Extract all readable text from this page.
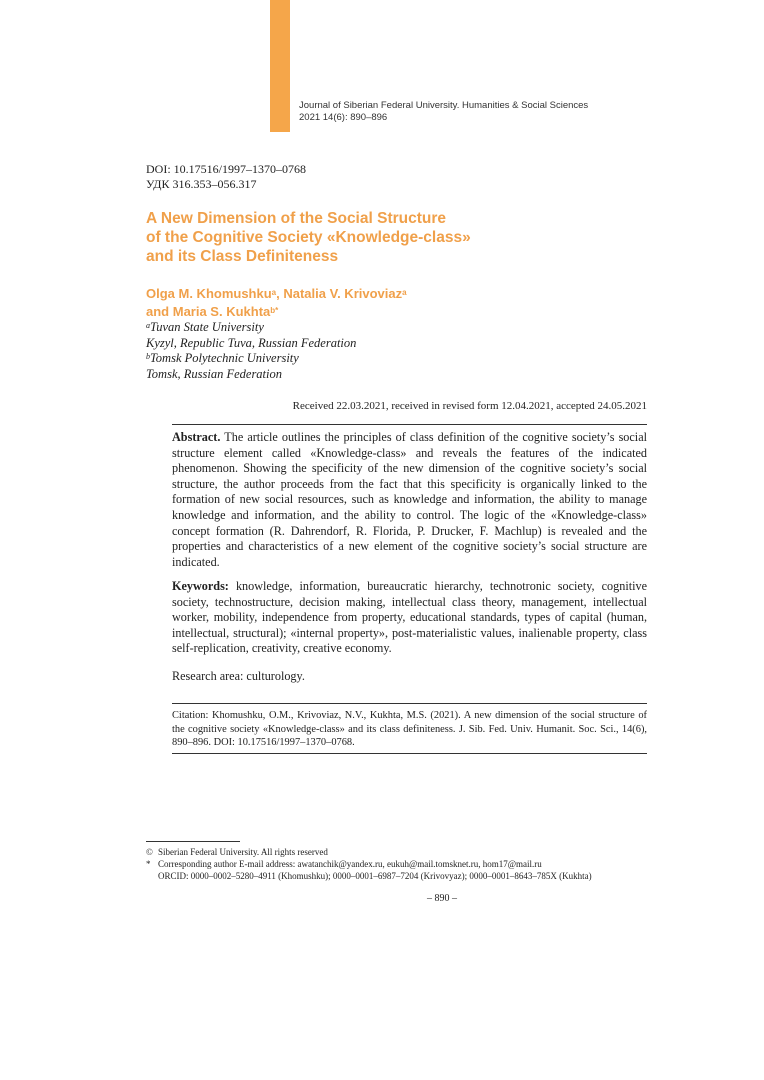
Journal of Siberian Federal University. Humanities & Social Sciences
2021 14(6): 890–896
DOI: 10.17516/1997–1370–0768
УДК 316.353–056.317
A New Dimension of the Social Structure
of the Cognitive Society «Knowledge-class»
and its Class Definiteness
Olga M. Khomushku$^a$, Natalia V. Krivoviaz$^a$
and Maria S. Kukhta$^{b*}$
$^a$Tuvan State University
Kyzyl, Republic Tuva, Russian Federation
$^b$Tomsk Polytechnic University
Tomsk, Russian Federation
Received 22.03.2021, received in revised form 12.04.2021, accepted 24.05.2021

Abstract. The article outlines the principles of class definition of the cognitive society’s social structure element called «Knowledge-class» and reveals the features of the indicated phenomenon. Showing the specificity of the new dimension of the cognitive society’s social structure, the author proceeds from the fact that this specificity is organically linked to the formation of new social resources, such as knowledge and information, the ability to manage knowledge and information, and the ability to control. The logic of the «Knowledge-class» concept formation (R. Dahrendorf, R. Florida, P. Drucker, F. Machlup) is revealed and the properties and characteristics of a new element of the cognitive society’s social structure are indicated.

Keywords: knowledge, information, bureaucratic hierarchy, technotronic society, cognitive society, technostructure, decision making, intellectual class theory, management, intellectual worker, mobility, independence from property, educational standards, types of capital (human, intellectual, structural); «internal property», post-materialistic values, inalienable property, class self-replication, creativity, creative economy.

Research area: culturology.

Citation: Khomushku, O.M., Krivoviaz, N.V., Kukhta, M.S. (2021). A new dimension of the social structure of the cognitive society «Knowledge-class» and its class definiteness. J. Sib. Fed. Univ. Humanit. Soc. Sci., 14(6), 890–896. DOI: 10.17516/1997–1370–0768.

© Siberian Federal University. All rights reserved
* Corresponding author E-mail address: awatanchik@yandex.ru, eukuh@mail.tomsknet.ru, hom17@mail.ru
ORCID: 0000–0002–5280–4911 (Khomushku); 0000–0001–6987–7204 (Krivovyaz); 0000–0001–8643–785X (Kukhta)
– 890 –
